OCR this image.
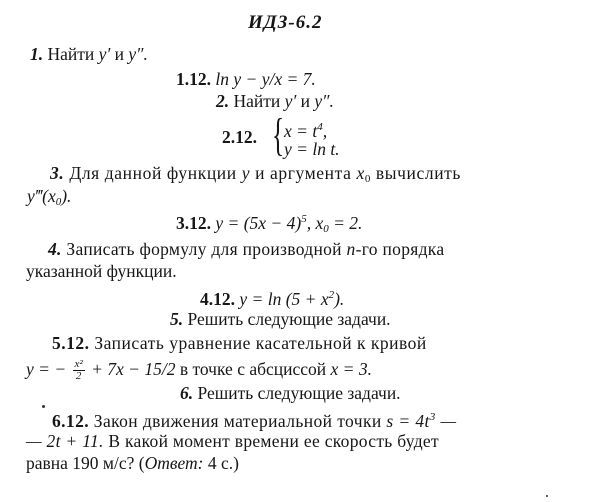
ИДЗ-6.2
1. Найти y′ и y″.
1.12. ln y − y/x = 7.
2. Найти y′ и y″.
2.12. { $x = t^4$,
y = ln t.
3. Для данной функции y и аргумента $x_0$ вычислить
$y‴(x_0)$.
3.12. $y = (5x - 4)^5$, $x_0 = 2$.
4. Записать формулу для производной n-го порядка
указанной функции.
4.12. $y = \ln (5 + x^2)$.
5. Решить следующие задачи.
5.12. Записать уравнение касательной к кривой
y = − $\frac{\text{x²}}{2} + 7x - 15/2$ в точке с абсциссой x = 3.
6. Решить следующие задачи.
6.12. Закон движения материальной точки $s = 4t^3$ —
— 2t + 11. В какой момент времени ее скорость будет
равна 190 м/с? (Ответ: 4 с.)
